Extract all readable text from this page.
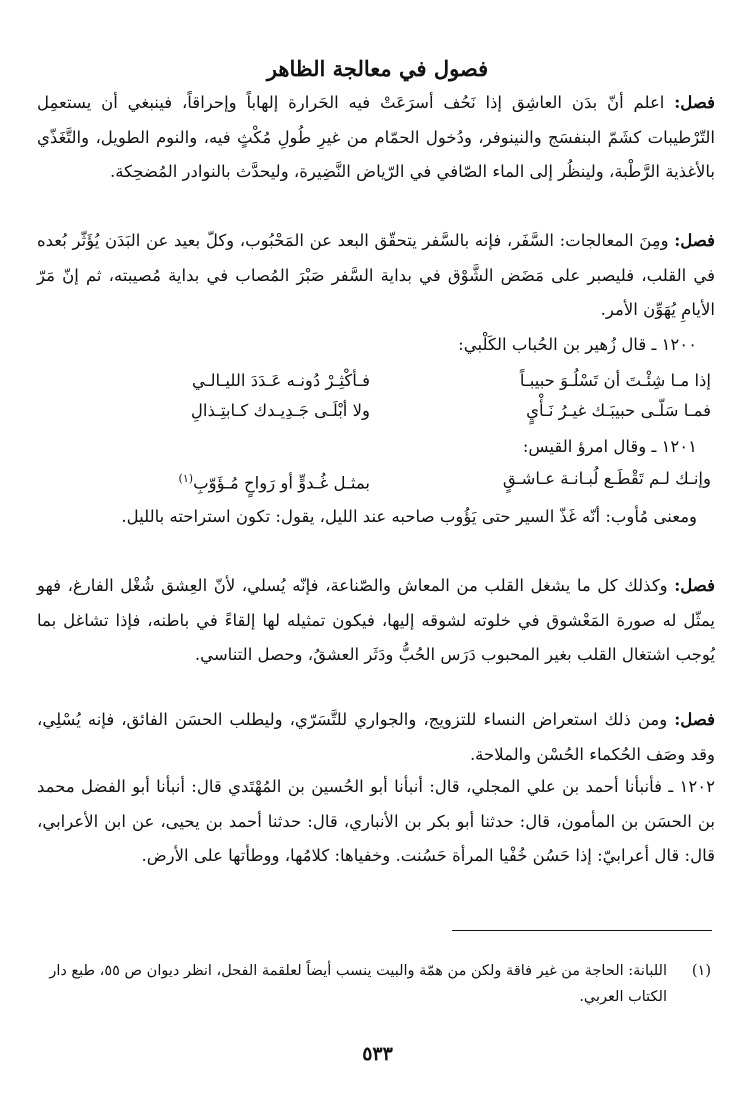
فصول في معالجة الظاهر
فصل: اعلم أنّ بدَن العاشِق إذا نَحُف أسرَعَتْ فيه الحَرارة إلهاباً وإحراقاً، فينبغي أن يستعمِل التّرْطيبات كشَمّ البنفسَج والنينوفر، ودُخول الحمّام من غيرِ طُولِ مُكْثٍ فيه، والنوم الطويل، والتَّغَذّي بالأغذية الرَّطْبة، ولينظُر إلى الماء الصّافي في الرّياض النَّضِيرة، وليحدَّث بالنوادر المُضحِكة.
فصل: ومِنَ المعالجات: السَّفَر، فإنه بالسَّفر يتحقّق البعد عن المَحْبُوب، وكلّ بعيد عن البَدَن يُؤَثّر بُعده في القلب، فليصبر على مَضَض الشَّوْق في بداية السَّفر صَبْرَ المُصاب في بداية مُصيبته، ثم إنّ مَرّ الأيامِ يُهَوِّن الأمر.
١٢٠٠ ـ قال زُهير بن الحُباب الكَلْبي:
إذا مـا شِئْـتَ أن تَسْلُـوَ حبيبـاً
فـأكْثِـرْ دُونـه عَـدَدَ الليـالـي
فمـا سَلّـى حبيبَـك غيـرُ نَـأْيٍ
ولا أبْلَـى جَـدِيـدك كـابتِـذالِ
١٢٠١ ـ وقال امرؤ القيس:
وإنـك لـم تَقْطَـع لُبـانـة عـاشـقٍ
بمثـل غُـدوٍّ أو رَواحٍ مُـؤَوّبِ$^{(١)}$
ومعنى مُأوب: أنّه غَذّ السير حتى يَؤُوب صاحبه عند الليل، يقول: تكون استراحته بالليل.
فصل: وكذلك كل ما يشغل القلب من المعاش والصّناعة، فإنّه يُسلي، لأنّ العِشق شُغْل الفارغ، فهو يمثّل له صورة المَعْشوق في خلوته لشوقه إليها، فيكون تمثيله لها إلقاءً في باطنه، فإذا تشاغل بما يُوجب اشتغال القلب بغير المحبوب دَرَس الحُبُّ ودَثَر العشقُ، وحصل التناسي.
فصل: ومن ذلك استعراض النساء للتزويج، والجواري للتَّسَرّي، وليطلب الحسَن الفائق، فإنه يُسْلِي، وقد وصَف الحُكماء الحُسْن والملاحة.
١٢٠٢ ـ فأنبأنا أحمد بن علي المجلي، قال: أنبأنا أبو الحُسين بن المُهْتَدي قال: أنبأنا أبو الفضل محمد بن الحسَن بن المأمون، قال: حدثنا أبو بكر بن الأنباري، قال: حدثنا أحمد بن يحيى، عن ابن الأعرابي، قال: قال أعرابيّ: إذا حَسُن خُفْيا المرأة حَسُنت. وخفياها: كلامُها، ووطأتها على الأرض.
(١)
اللبانة: الحاجة من غير فاقة ولكن من همّة والبيت ينسب أيضاً لعلقمة الفحل، انظر ديوان ص ٥٥، طبع دار الكتاب العربي.
٥٣٣
